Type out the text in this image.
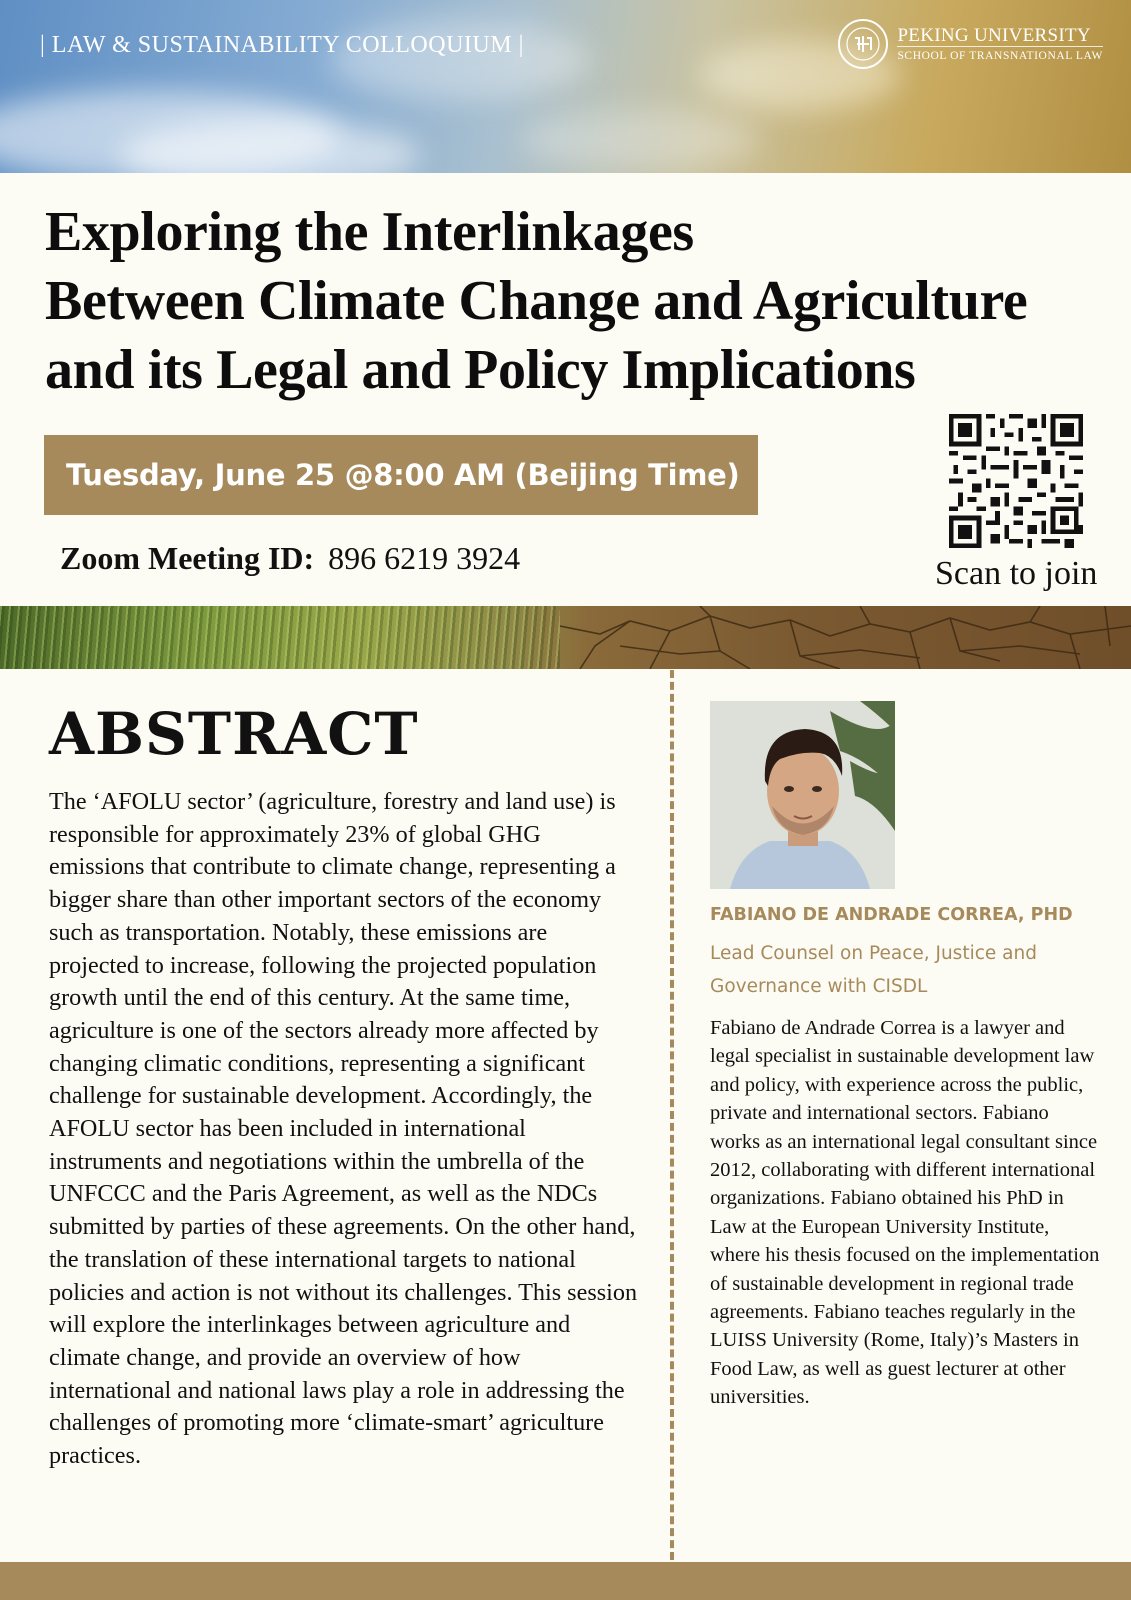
| LAW & SUSTAINABILITY COLLOQUIUM |	PEKING UNIVERSITY
SCHOOL OF TRANSNATIONAL LAW
Exploring the Interlinkages
Between Climate Change and Agriculture
and its Legal and Policy Implications
Tuesday, June 25 @8:00 AM (Beijing Time)
Zoom Meeting ID: 896 6219 3924	Scan to join
ABSTRACT
The ‘AFOLU sector’ (agriculture, forestry and land use) is responsible for approximately 23% of global GHG emissions that contribute to climate change, representing a bigger share than other important sectors of the economy such as transportation. Notably, these emissions are projected to increase, following the projected population growth until the end of this century. At the same time, agriculture is one of the sectors already more affected by changing climatic conditions, representing a significant challenge for sustainable development. Accordingly, the AFOLU sector has been included in international instruments and negotiations within the umbrella of the UNFCCC and the Paris Agreement, as well as the NDCs submitted by parties of these agreements. On the other hand, the translation of these international targets to national policies and action is not without its challenges. This session will explore the interlinkages between agriculture and climate change, and provide an overview of how international and national laws play a role in addressing the challenges of promoting more ‘climate-smart’ agriculture practices.
FABIANO DE ANDRADE CORREA, PHD
Lead Counsel on Peace, Justice and Governance with CISDL
Fabiano de Andrade Correa is a lawyer and legal specialist in sustainable development law and policy, with experience across the public, private and international sectors. Fabiano works as an international legal consultant since 2012, collaborating with different international organizations. Fabiano obtained his PhD in Law at the European University Institute, where his thesis focused on the implementation of sustainable development in regional trade agreements. Fabiano teaches regularly in the LUISS University (Rome, Italy)’s Masters in Food Law, as well as guest lecturer at other universities.
